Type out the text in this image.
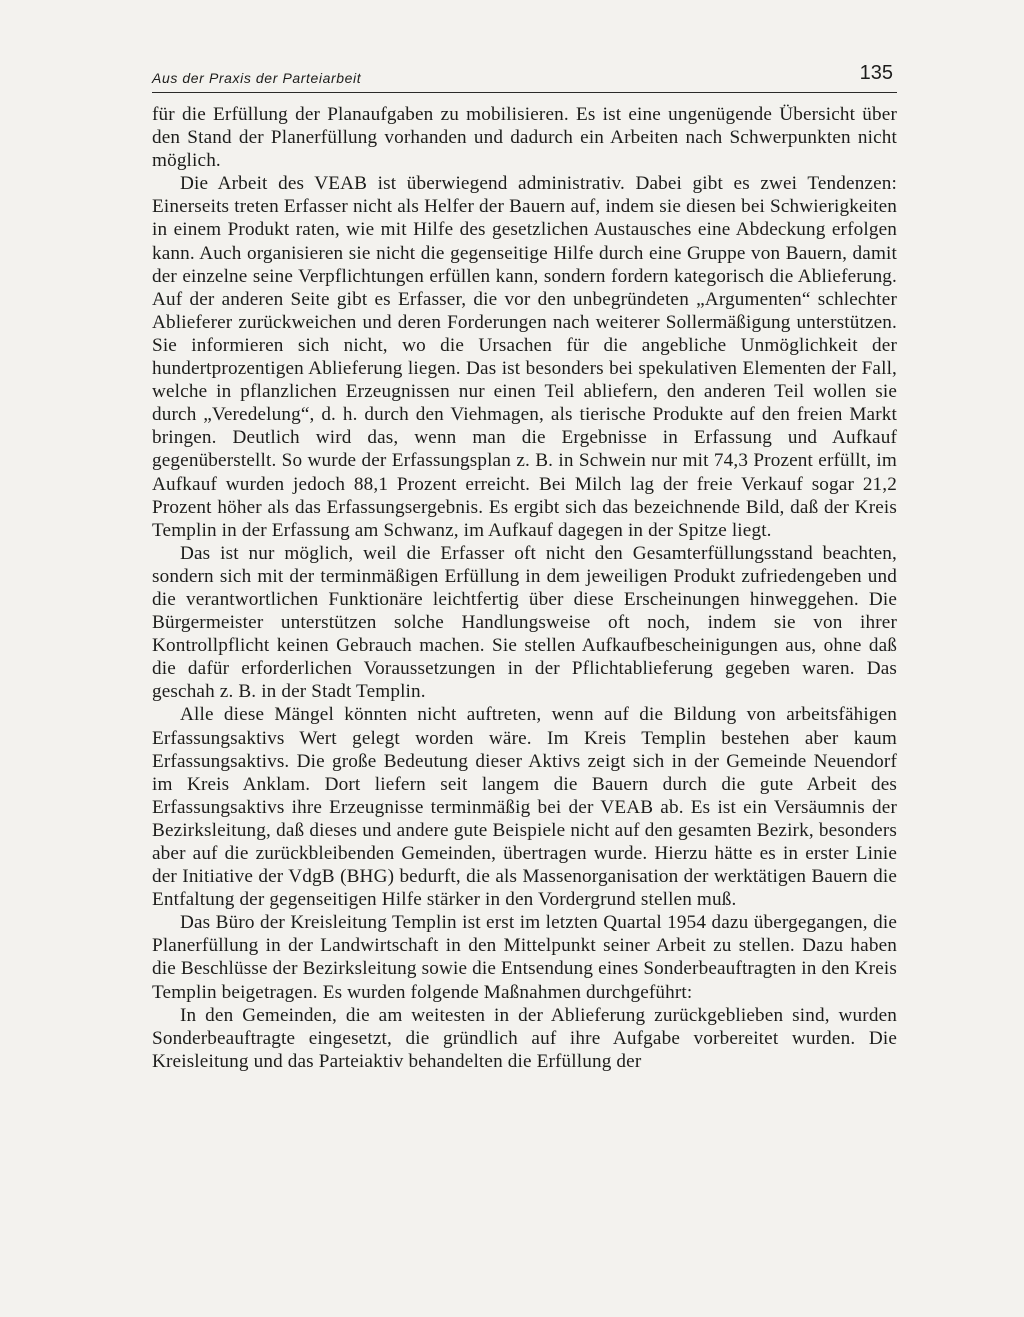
Aus der Praxis der Parteiarbeit	135

für die Erfüllung der Planaufgaben zu mobilisieren. Es ist eine ungenügende Übersicht über den Stand der Planerfüllung vorhanden und dadurch ein Arbeiten nach Schwerpunkten nicht möglich.

Die Arbeit des VEAB ist überwiegend administrativ. Dabei gibt es zwei Tendenzen: Einerseits treten Erfasser nicht als Helfer der Bauern auf, indem sie diesen bei Schwierigkeiten in einem Produkt raten, wie mit Hilfe des gesetzlichen Austausches eine Abdeckung erfolgen kann. Auch organisieren sie nicht die gegenseitige Hilfe durch eine Gruppe von Bauern, damit der einzelne seine Verpflichtungen erfüllen kann, sondern fordern kategorisch die Ablieferung. Auf der anderen Seite gibt es Erfasser, die vor den unbegründeten „Argumenten“ schlechter Ablieferer zurückweichen und deren Forderungen nach weiterer Sollermäßigung unterstützen. Sie informieren sich nicht, wo die Ursachen für die angebliche Unmöglichkeit der hundertprozentigen Ablieferung liegen. Das ist besonders bei spekulativen Elementen der Fall, welche in pflanzlichen Erzeugnissen nur einen Teil abliefern, den anderen Teil wollen sie durch „Veredelung“, d. h. durch den Viehmagen, als tierische Produkte auf den freien Markt bringen. Deutlich wird das, wenn man die Ergebnisse in Erfassung und Aufkauf gegenüberstellt. So wurde der Erfassungsplan z. B. in Schwein nur mit 74,3 Prozent erfüllt, im Aufkauf wurden jedoch 88,1 Prozent erreicht. Bei Milch lag der freie Verkauf sogar 21,2 Prozent höher als das Erfassungsergebnis. Es ergibt sich das bezeichnende Bild, daß der Kreis Templin in der Erfassung am Schwanz, im Aufkauf dagegen in der Spitze liegt.

Das ist nur möglich, weil die Erfasser oft nicht den Gesamterfüllungsstand beachten, sondern sich mit der terminmäßigen Erfüllung in dem jeweiligen Produkt zufriedengeben und die verantwortlichen Funktionäre leichtfertig über diese Erscheinungen hinweggehen. Die Bürgermeister unterstützen solche Handlungsweise oft noch, indem sie von ihrer Kontrollpflicht keinen Gebrauch machen. Sie stellen Aufkaufbescheinigungen aus, ohne daß die dafür erforderlichen Voraussetzungen in der Pflichtablieferung gegeben waren. Das geschah z. B. in der Stadt Templin.

Alle diese Mängel könnten nicht auftreten, wenn auf die Bildung von arbeitsfähigen Erfassungsaktivs Wert gelegt worden wäre. Im Kreis Templin bestehen aber kaum Erfassungsaktivs. Die große Bedeutung dieser Aktivs zeigt sich in der Gemeinde Neuendorf im Kreis Anklam. Dort liefern seit langem die Bauern durch die gute Arbeit des Erfassungsaktivs ihre Erzeugnisse terminmäßig bei der VEAB ab. Es ist ein Versäumnis der Bezirksleitung, daß dieses und andere gute Beispiele nicht auf den gesamten Bezirk, besonders aber auf die zurückbleibenden Gemeinden, übertragen wurde. Hierzu hätte es in erster Linie der Initiative der VdgB (BHG) bedurft, die als Massenorganisation der werktätigen Bauern die Entfaltung der gegenseitigen Hilfe stärker in den Vordergrund stellen muß.

Das Büro der Kreisleitung Templin ist erst im letzten Quartal 1954 dazu übergegangen, die Planerfüllung in der Landwirtschaft in den Mittelpunkt seiner Arbeit zu stellen. Dazu haben die Beschlüsse der Bezirksleitung sowie die Entsendung eines Sonderbeauftragten in den Kreis Templin beigetragen. Es wurden folgende Maßnahmen durchgeführt:

In den Gemeinden, die am weitesten in der Ablieferung zurückgeblieben sind, wurden Sonderbeauftragte eingesetzt, die gründlich auf ihre Aufgabe vorbereitet wurden. Die Kreisleitung und das Parteiaktiv behandelten die Erfüllung der
